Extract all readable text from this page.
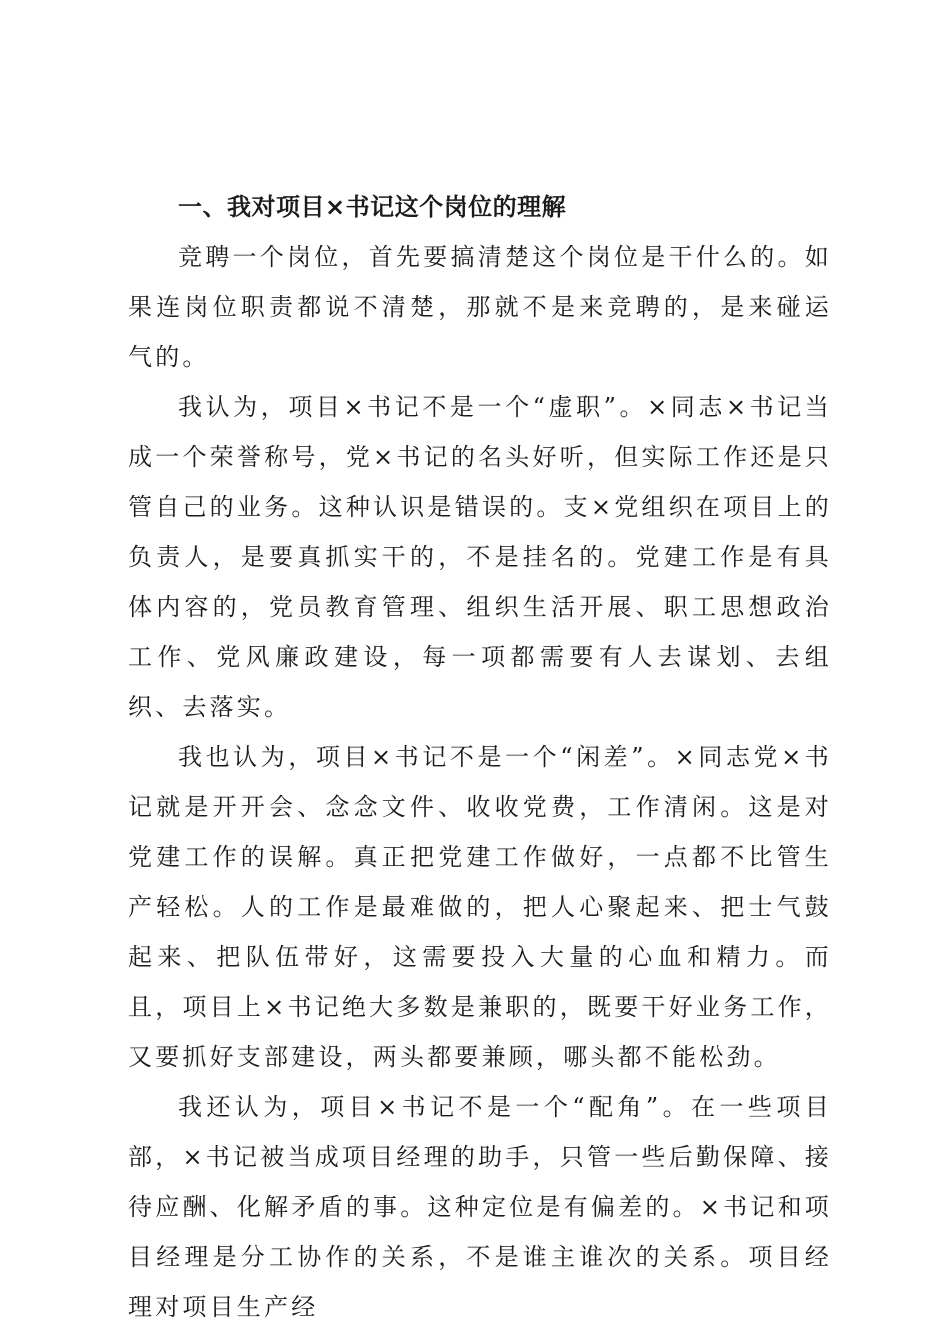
一、我对项目×书记这个岗位的理解

竞聘一个岗位，首先要搞清楚这个岗位是干什么的。如果连岗位职责都说不清楚，那就不是来竞聘的，是来碰运气的。

我认为，项目×书记不是一个“虚职”。×同志×书记当成一个荣誉称号，党×书记的名头好听，但实际工作还是只管自己的业务。这种认识是错误的。支×党组织在项目上的负责人，是要真抓实干的，不是挂名的。党建工作是有具体内容的，党员教育管理、组织生活开展、职工思想政治工作、党风廉政建设，每一项都需要有人去谋划、去组织、去落实。

我也认为，项目×书记不是一个“闲差”。×同志党×书记就是开开会、念念文件、收收党费，工作清闲。这是对党建工作的误解。真正把党建工作做好，一点都不比管生产轻松。人的工作是最难做的，把人心聚起来、把士气鼓起来、把队伍带好，这需要投入大量的心血和精力。而且，项目上×书记绝大多数是兼职的，既要干好业务工作，又要抓好支部建设，两头都要兼顾，哪头都不能松劲。

我还认为，项目×书记不是一个“配角”。在一些项目部，×书记被当成项目经理的助手，只管一些后勤保障、接待应酬、化解矛盾的事。这种定位是有偏差的。×书记和项目经理是分工协作的关系，不是谁主谁次的关系。项目经理对项目生产经
